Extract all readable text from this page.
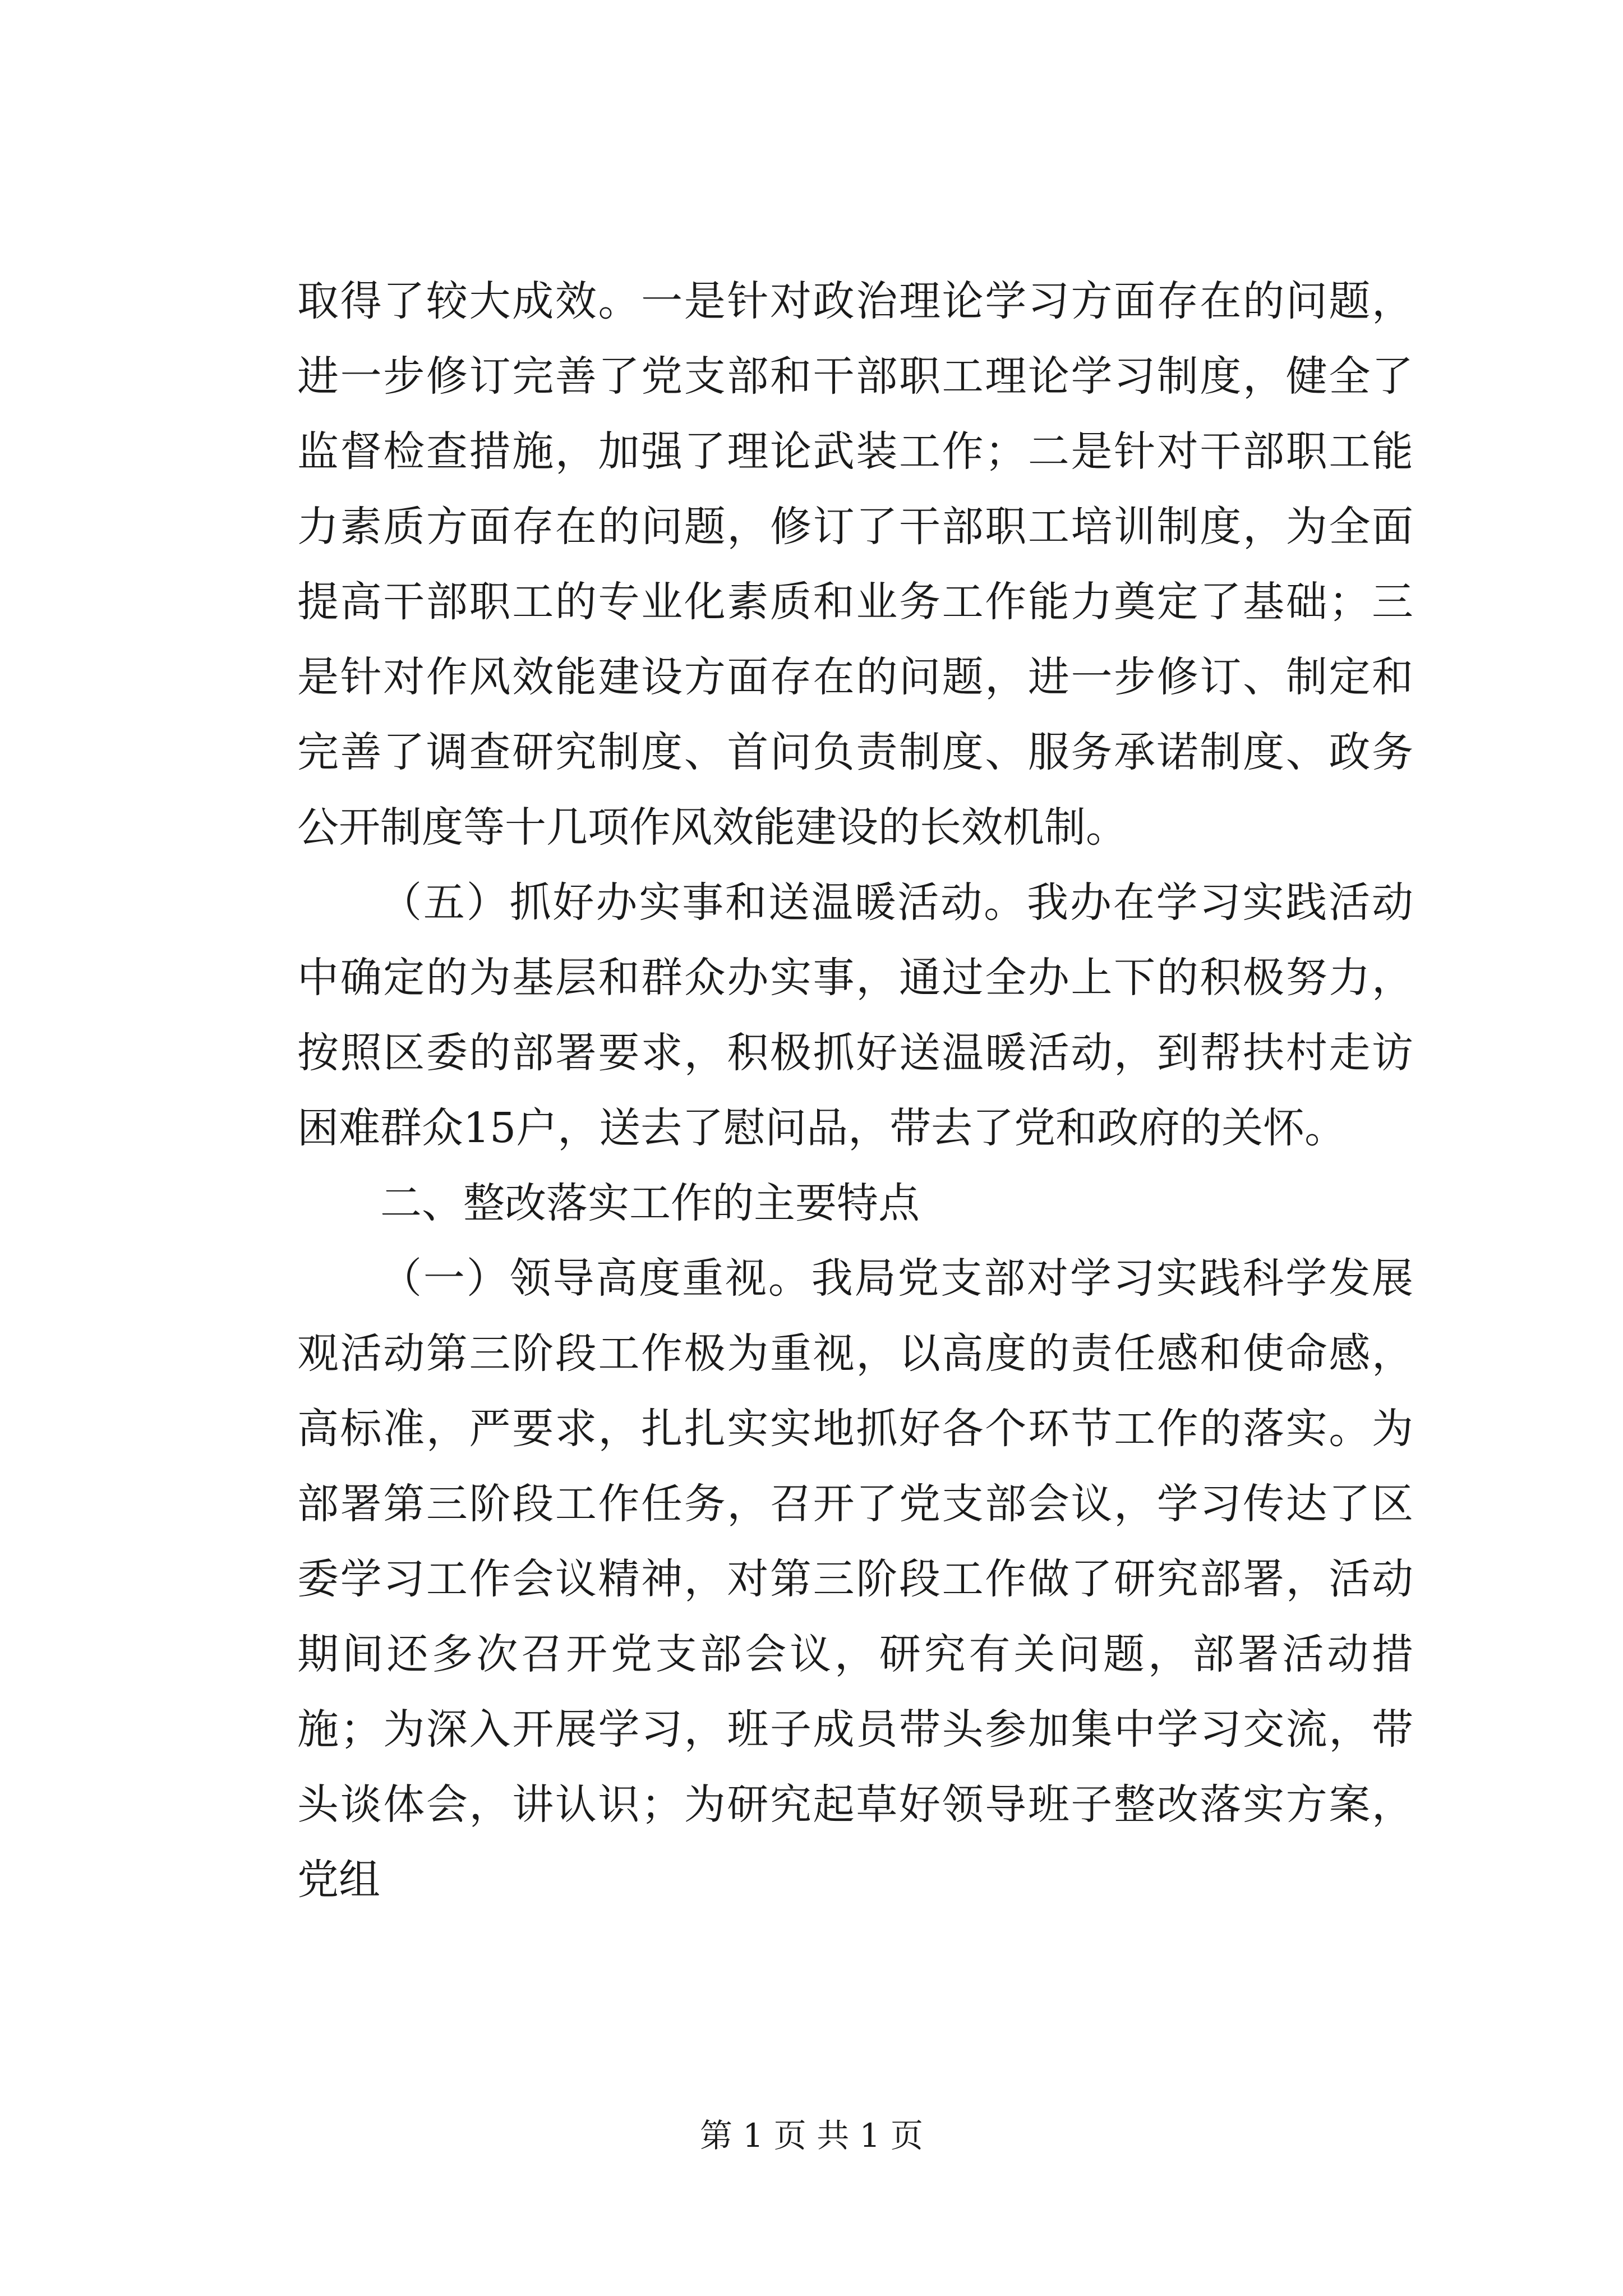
取得了较大成效。一是针对政治理论学习方面存在的问题，进一步修订完善了党支部和干部职工理论学习制度，健全了监督检查措施，加强了理论武装工作；二是针对干部职工能力素质方面存在的问题，修订了干部职工培训制度，为全面提高干部职工的专业化素质和业务工作能力奠定了基础；三是针对作风效能建设方面存在的问题，进一步修订、制定和完善了调查研究制度、首问负责制度、服务承诺制度、政务公开制度等十几项作风效能建设的长效机制。

（五）抓好办实事和送温暖活动。我办在学习实践活动中确定的为基层和群众办实事，通过全办上下的积极努力，按照区委的部署要求，积极抓好送温暖活动，到帮扶村走访困难群众15户，送去了慰问品，带去了党和政府的关怀。

二、整改落实工作的主要特点

（一）领导高度重视。我局党支部对学习实践科学发展观活动第三阶段工作极为重视，以高度的责任感和使命感，高标准，严要求，扎扎实实地抓好各个环节工作的落实。为部署第三阶段工作任务，召开了党支部会议，学习传达了区委学习工作会议精神，对第三阶段工作做了研究部署，活动期间还多次召开党支部会议，研究有关问题，部署活动措施；为深入开展学习，班子成员带头参加集中学习交流，带头谈体会，讲认识；为研究起草好领导班子整改落实方案，党组

第 1 页 共 1 页
